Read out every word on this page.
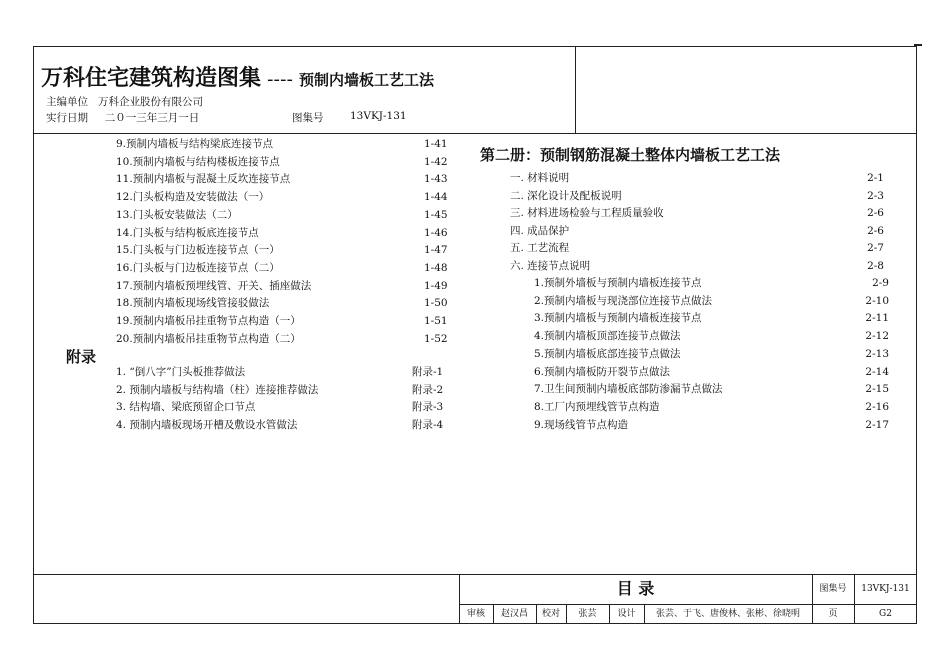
万科住宅建筑构造图集 ---- 预制内墙板工艺工法
主编单位 万科企业股份有限公司
实行日期 二０一三年三月一日	图集号	13VKJ-131
9.预制内墙板与结构梁底连接节点	1-41
10.预制内墙板与结构楼板连接节点	1-42
11.预制内墙板与混凝土反坎连接节点	1-43
12.门头板构造及安装做法（一）	1-44
13.门头板安装做法（二）	1-45
14.门头板与结构板底连接节点	1-46
15.门头板与门边板连接节点（一）	1-47
16.门头板与门边板连接节点（二）	1-48
17.预制内墙板预埋线管、开关、插座做法	1-49
18.预制内墙板现场线管接驳做法	1-50
19.预制内墙板吊挂重物节点构造（一）	1-51
20.预制内墙板吊挂重物节点构造（二）	1-52
附录
1. “倒八字”门头板推荐做法	附录-1
2. 预制内墙板与结构墙（柱）连接推荐做法	附录-2
3. 结构墙、梁底预留企口节点	附录-3
4. 预制内墙板现场开槽及敷设水管做法	附录-4
第二册：预制钢筋混凝土整体内墙板工艺工法
一. 材料说明	2-1
二. 深化设计及配板说明	2-3
三. 材料进场检验与工程质量验收	2-6
四. 成品保护	2-6
五. 工艺流程	2-7
六. 连接节点说明	2-8
1.预制外墙板与预制内墙板连接节点	2-9
2.预制内墙板与现浇部位连接节点做法	2-10
3.预制内墙板与预制内墙板连接节点	2-11
4.预制内墙板顶部连接节点做法	2-12
5.预制内墙板底部连接节点做法	2-13
6.预制内墙板防开裂节点做法	2-14
7.卫生间预制内墙板底部防渗漏节点做法	2-15
8.工厂内预埋线管节点构造	2-16
9.现场线管节点构造	2-17
目 录	图集号	13VKJ-131
审核	赵汉昌	校对	张芸	设计	张芸、于飞、唐俊林、张彬、徐晓明	页	G2
